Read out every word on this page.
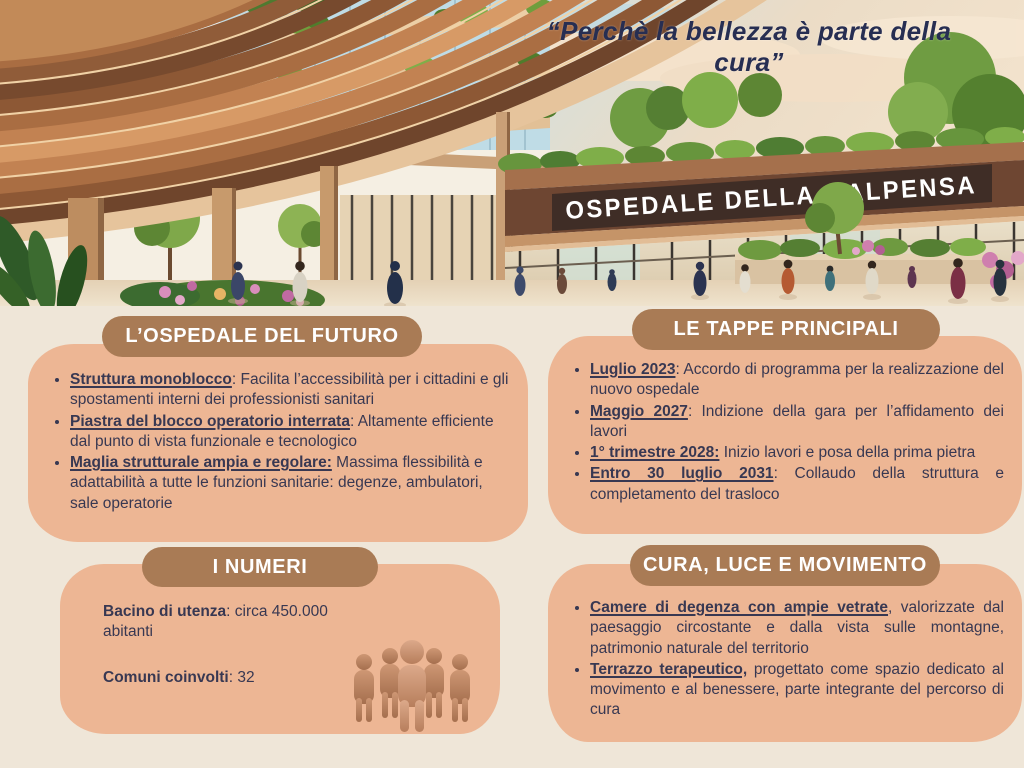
OSPEDALE DELLA MALPENSA
“Perchè la bellezza è parte della cura”
• Struttura monoblocco: Facilita l’accessibilità per i cittadini e gli spostamenti interni dei professionisti sanitari
• Piastra del blocco operatorio interrata: Altamente efficiente dal punto di vista funzionale e tecnologico
• Maglia strutturale ampia e regolare: Massima flessibilità e adattabilità a tutte le funzioni sanitarie: degenze, ambulatori, sale operatorie
L’OSPEDALE DEL FUTURO
• Luglio 2023: Accordo di programma per la realizzazione del nuovo ospedale
• Maggio 2027: Indizione della gara per l’affidamento dei lavori
• 1° trimestre 2028: Inizio lavori e posa della prima pietra
• Entro 30 luglio 2031: Collaudo della struttura e completamento del trasloco
LE TAPPE PRINCIPALI
Bacino di utenza: circa 450.000 abitanti
Comuni coinvolti: 32
I NUMERI
• Camere di degenza con ampie vetrate, valorizzate dal paesaggio circostante e dalla vista sulle montagne, patrimonio naturale del territorio
• Terrazzo terapeutico, progettato come spazio dedicato al movimento e al benessere, parte integrante del percorso di cura
CURA, LUCE E MOVIMENTO
